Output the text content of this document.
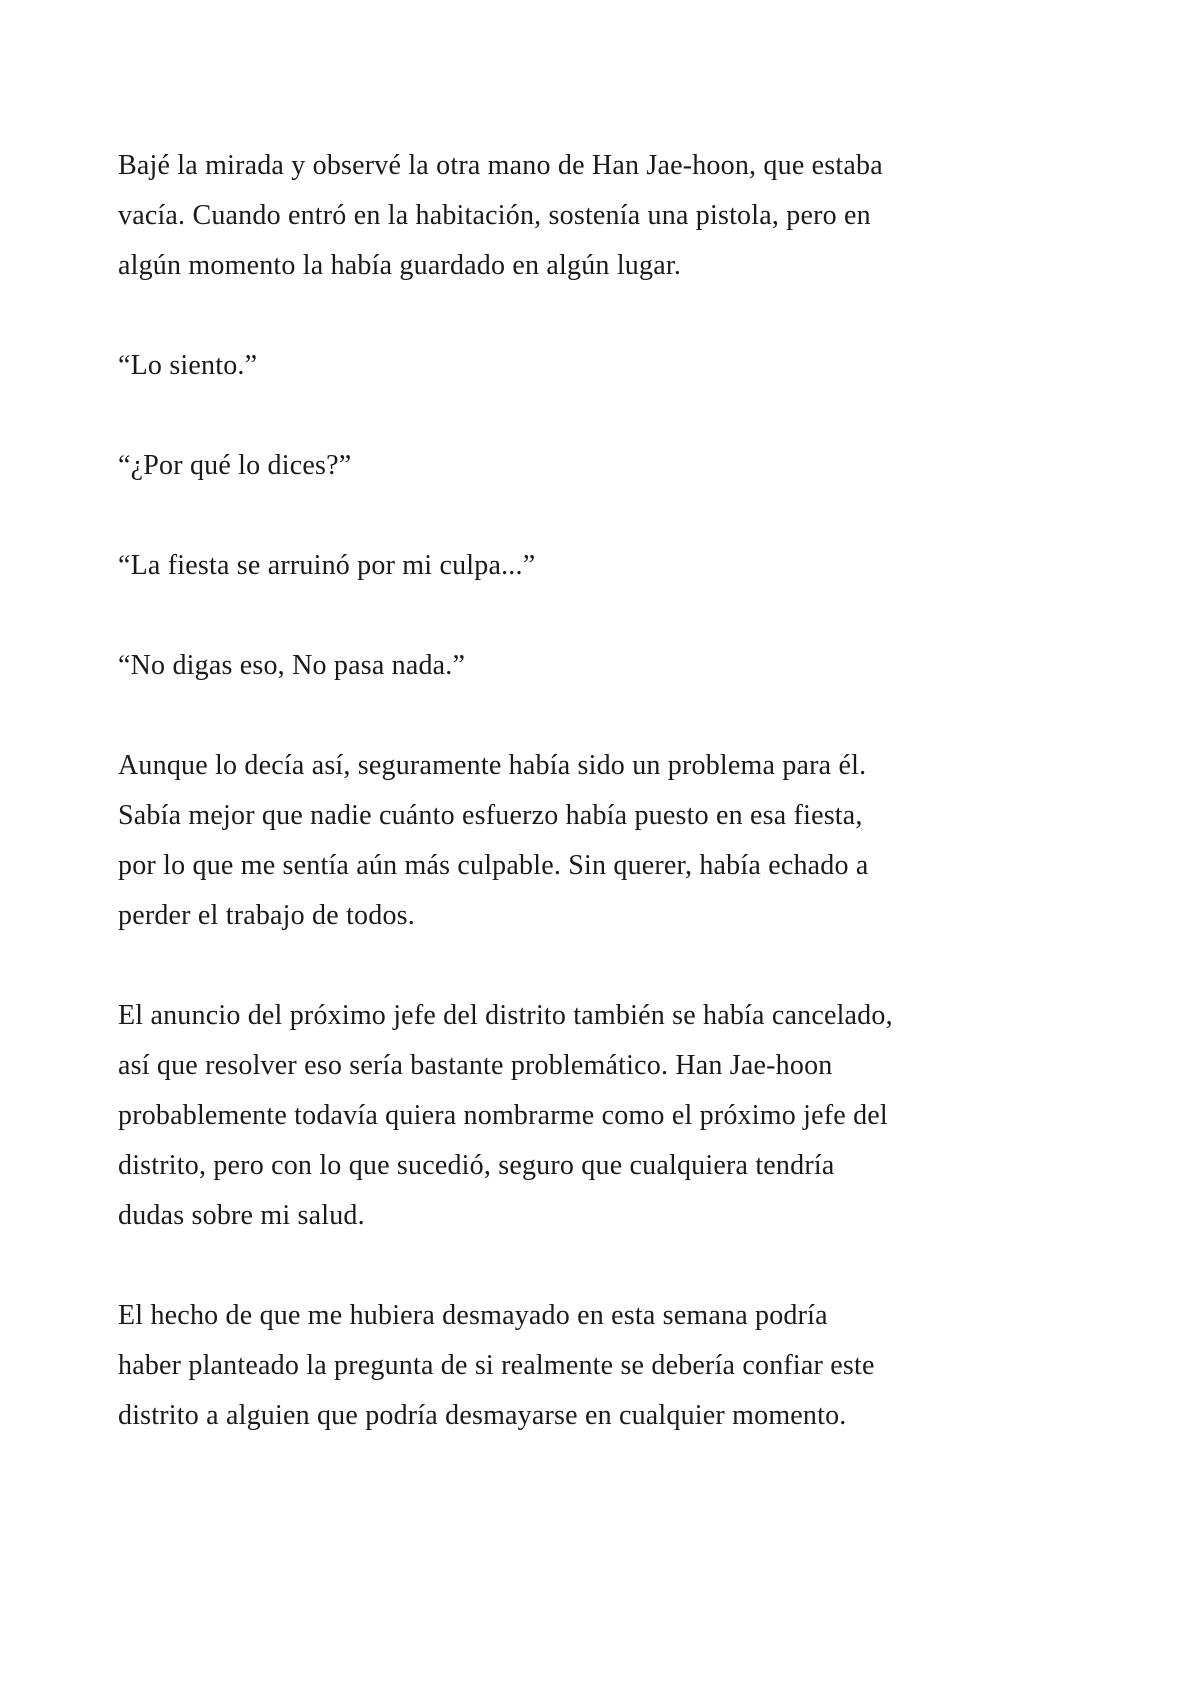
Bajé la mirada y observé la otra mano de Han Jae-hoon, que estaba
vacía. Cuando entró en la habitación, sostenía una pistola, pero en
algún momento la había guardado en algún lugar.

“Lo siento.”

“¿Por qué lo dices?”

“La fiesta se arruinó por mi culpa...”

“No digas eso, No pasa nada.”

Aunque lo decía así, seguramente había sido un problema para él.
Sabía mejor que nadie cuánto esfuerzo había puesto en esa fiesta,
por lo que me sentía aún más culpable. Sin querer, había echado a
perder el trabajo de todos.

El anuncio del próximo jefe del distrito también se había cancelado,
así que resolver eso sería bastante problemático. Han Jae-hoon
probablemente todavía quiera nombrarme como el próximo jefe del
distrito, pero con lo que sucedió, seguro que cualquiera tendría
dudas sobre mi salud.

El hecho de que me hubiera desmayado en esta semana podría
haber planteado la pregunta de si realmente se debería confiar este
distrito a alguien que podría desmayarse en cualquier momento.
